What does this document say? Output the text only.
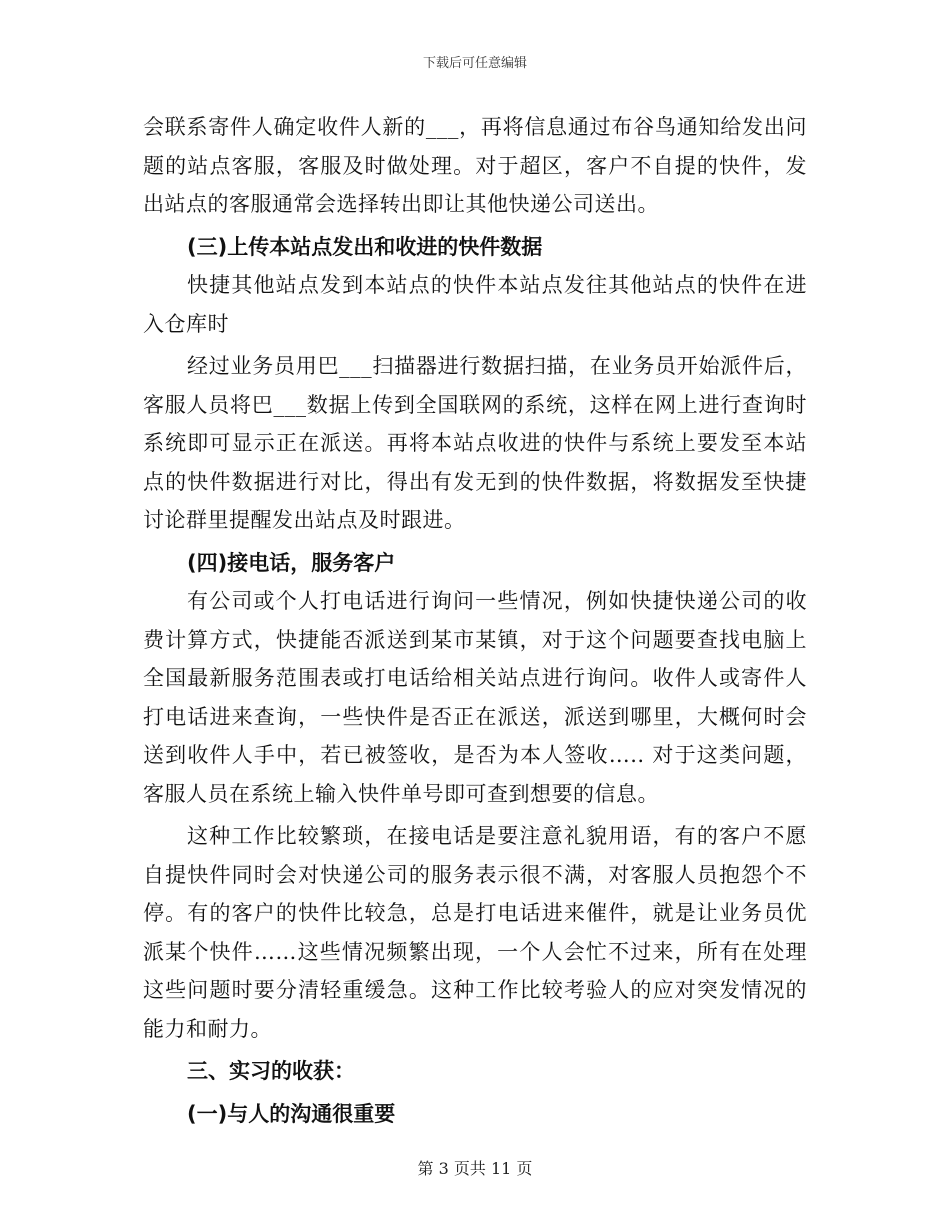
下载后可任意编辑

会联系寄件人确定收件人新的___，再将信息通过布谷鸟通知给发出问题的站点客服，客服及时做处理。对于超区，客户不自提的快件，发出站点的客服通常会选择转出即让其他快递公司送出。

(三)上传本站点发出和收进的快件数据

快捷其他站点发到本站点的快件本站点发往其他站点的快件在进入仓库时

经过业务员用巴___扫描器进行数据扫描，在业务员开始派件后，客服人员将巴___数据上传到全国联网的系统，这样在网上进行查询时系统即可显示正在派送。再将本站点收进的快件与系统上要发至本站点的快件数据进行对比，得出有发无到的快件数据，将数据发至快捷讨论群里提醒发出站点及时跟进。

(四)接电话，服务客户

有公司或个人打电话进行询问一些情况，例如快捷快递公司的收费计算方式，快捷能否派送到某市某镇，对于这个问题要查找电脑上全国最新服务范围表或打电话给相关站点进行询问。收件人或寄件人打电话进来查询，一些快件是否正在派送，派送到哪里，大概何时会送到收件人手中，若已被签收，是否为本人签收….. 对于这类问题，客服人员在系统上输入快件单号即可查到想要的信息。

这种工作比较繁琐，在接电话是要注意礼貌用语，有的客户不愿自提快件同时会对快递公司的服务表示很不满，对客服人员抱怨个不停。有的客户的快件比较急，总是打电话进来催件，就是让业务员优派某个快件……这些情况频繁出现，一个人会忙不过来，所有在处理这些问题时要分清轻重缓急。这种工作比较考验人的应对突发情况的能力和耐力。

三、实习的收获：

(一)与人的沟通很重要

第 3 页共 11 页
